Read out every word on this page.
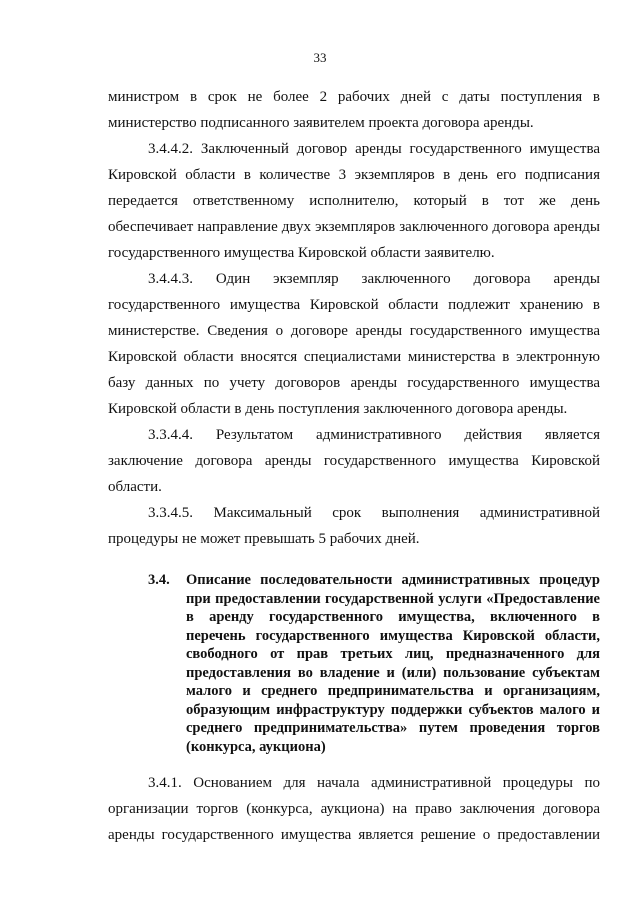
33

министром в срок не более 2 рабочих дней с даты поступления в министерство подписанного заявителем проекта договора аренды.

3.4.4.2. Заключенный договор аренды государственного имущества Кировской области в количестве 3 экземпляров в день его подписания передается ответственному исполнителю, который в тот же день обеспечивает направление двух экземпляров заключенного договора аренды государственного имущества Кировской области заявителю.

3.4.4.3. Один экземпляр заключенного договора аренды государственного имущества Кировской области подлежит хранению в министерстве. Сведения о договоре аренды государственного имущества Кировской области вносятся специалистами министерства в электронную базу данных по учету договоров аренды государственного имущества Кировской области в день поступления заключенного договора аренды.

3.3.4.4. Результатом административного действия является заключение договора аренды государственного имущества Кировской области.

3.3.4.5. Максимальный срок выполнения административной процедуры не может превышать 5 рабочих дней.

3.4.	Описание последовательности административных процедур при предоставлении государственной услуги «Предоставление в аренду государственного имущества, включенного в перечень государственного имущества Кировской области, свободного от прав третьих лиц, предназначенного для предоставления во владение и (или) пользование субъектам малого и среднего предпринимательства и организациям, образующим инфраструктуру поддержки субъектов малого и среднего предпринимательства» путем проведения торгов (конкурса, аукциона)

3.4.1. Основанием для начала административной процедуры по организации торгов (конкурса, аукциона) на право заключения договора аренды государственного имущества является решение о предоставлении
